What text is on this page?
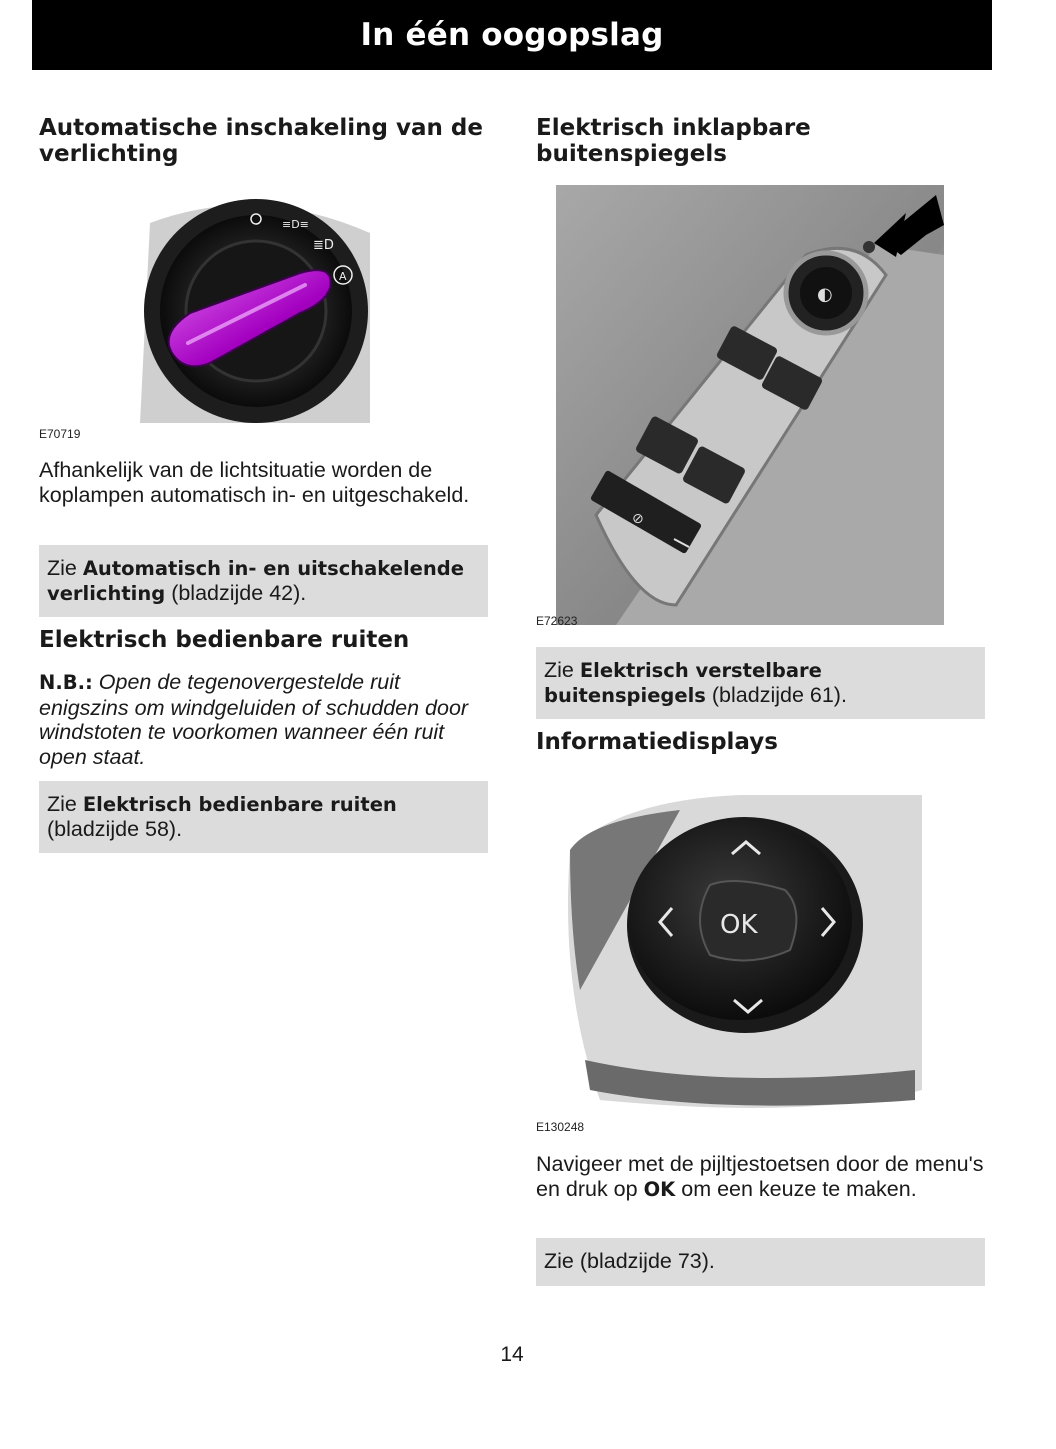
In één oogopslag
Automatische inschakeling van de verlichting
≡D≡
≣D
A
E70719

Afhankelijk van de lichtsituatie worden de koplampen automatisch in- en uitgeschakeld.

Zie Automatisch in- en uitschakelende verlichting (bladzijde 42).
Elektrisch bedienbare ruiten

N.B.: Open de tegenovergestelde ruit enigszins om windgeluiden of schudden door windstoten te voorkomen wanneer één ruit open staat.

Zie Elektrisch bedienbare ruiten
(bladzijde 58).
Elektrisch inklapbare buitenspiegels
◐
⊘
E72623
Zie Elektrisch verstelbare buitenspiegels (bladzijde 61).
Informatiedisplays
OK
E130248

Navigeer met de pijltjestoetsen door de menu's en druk op OK om een keuze te maken.

Zie (bladzijde 73).
14
